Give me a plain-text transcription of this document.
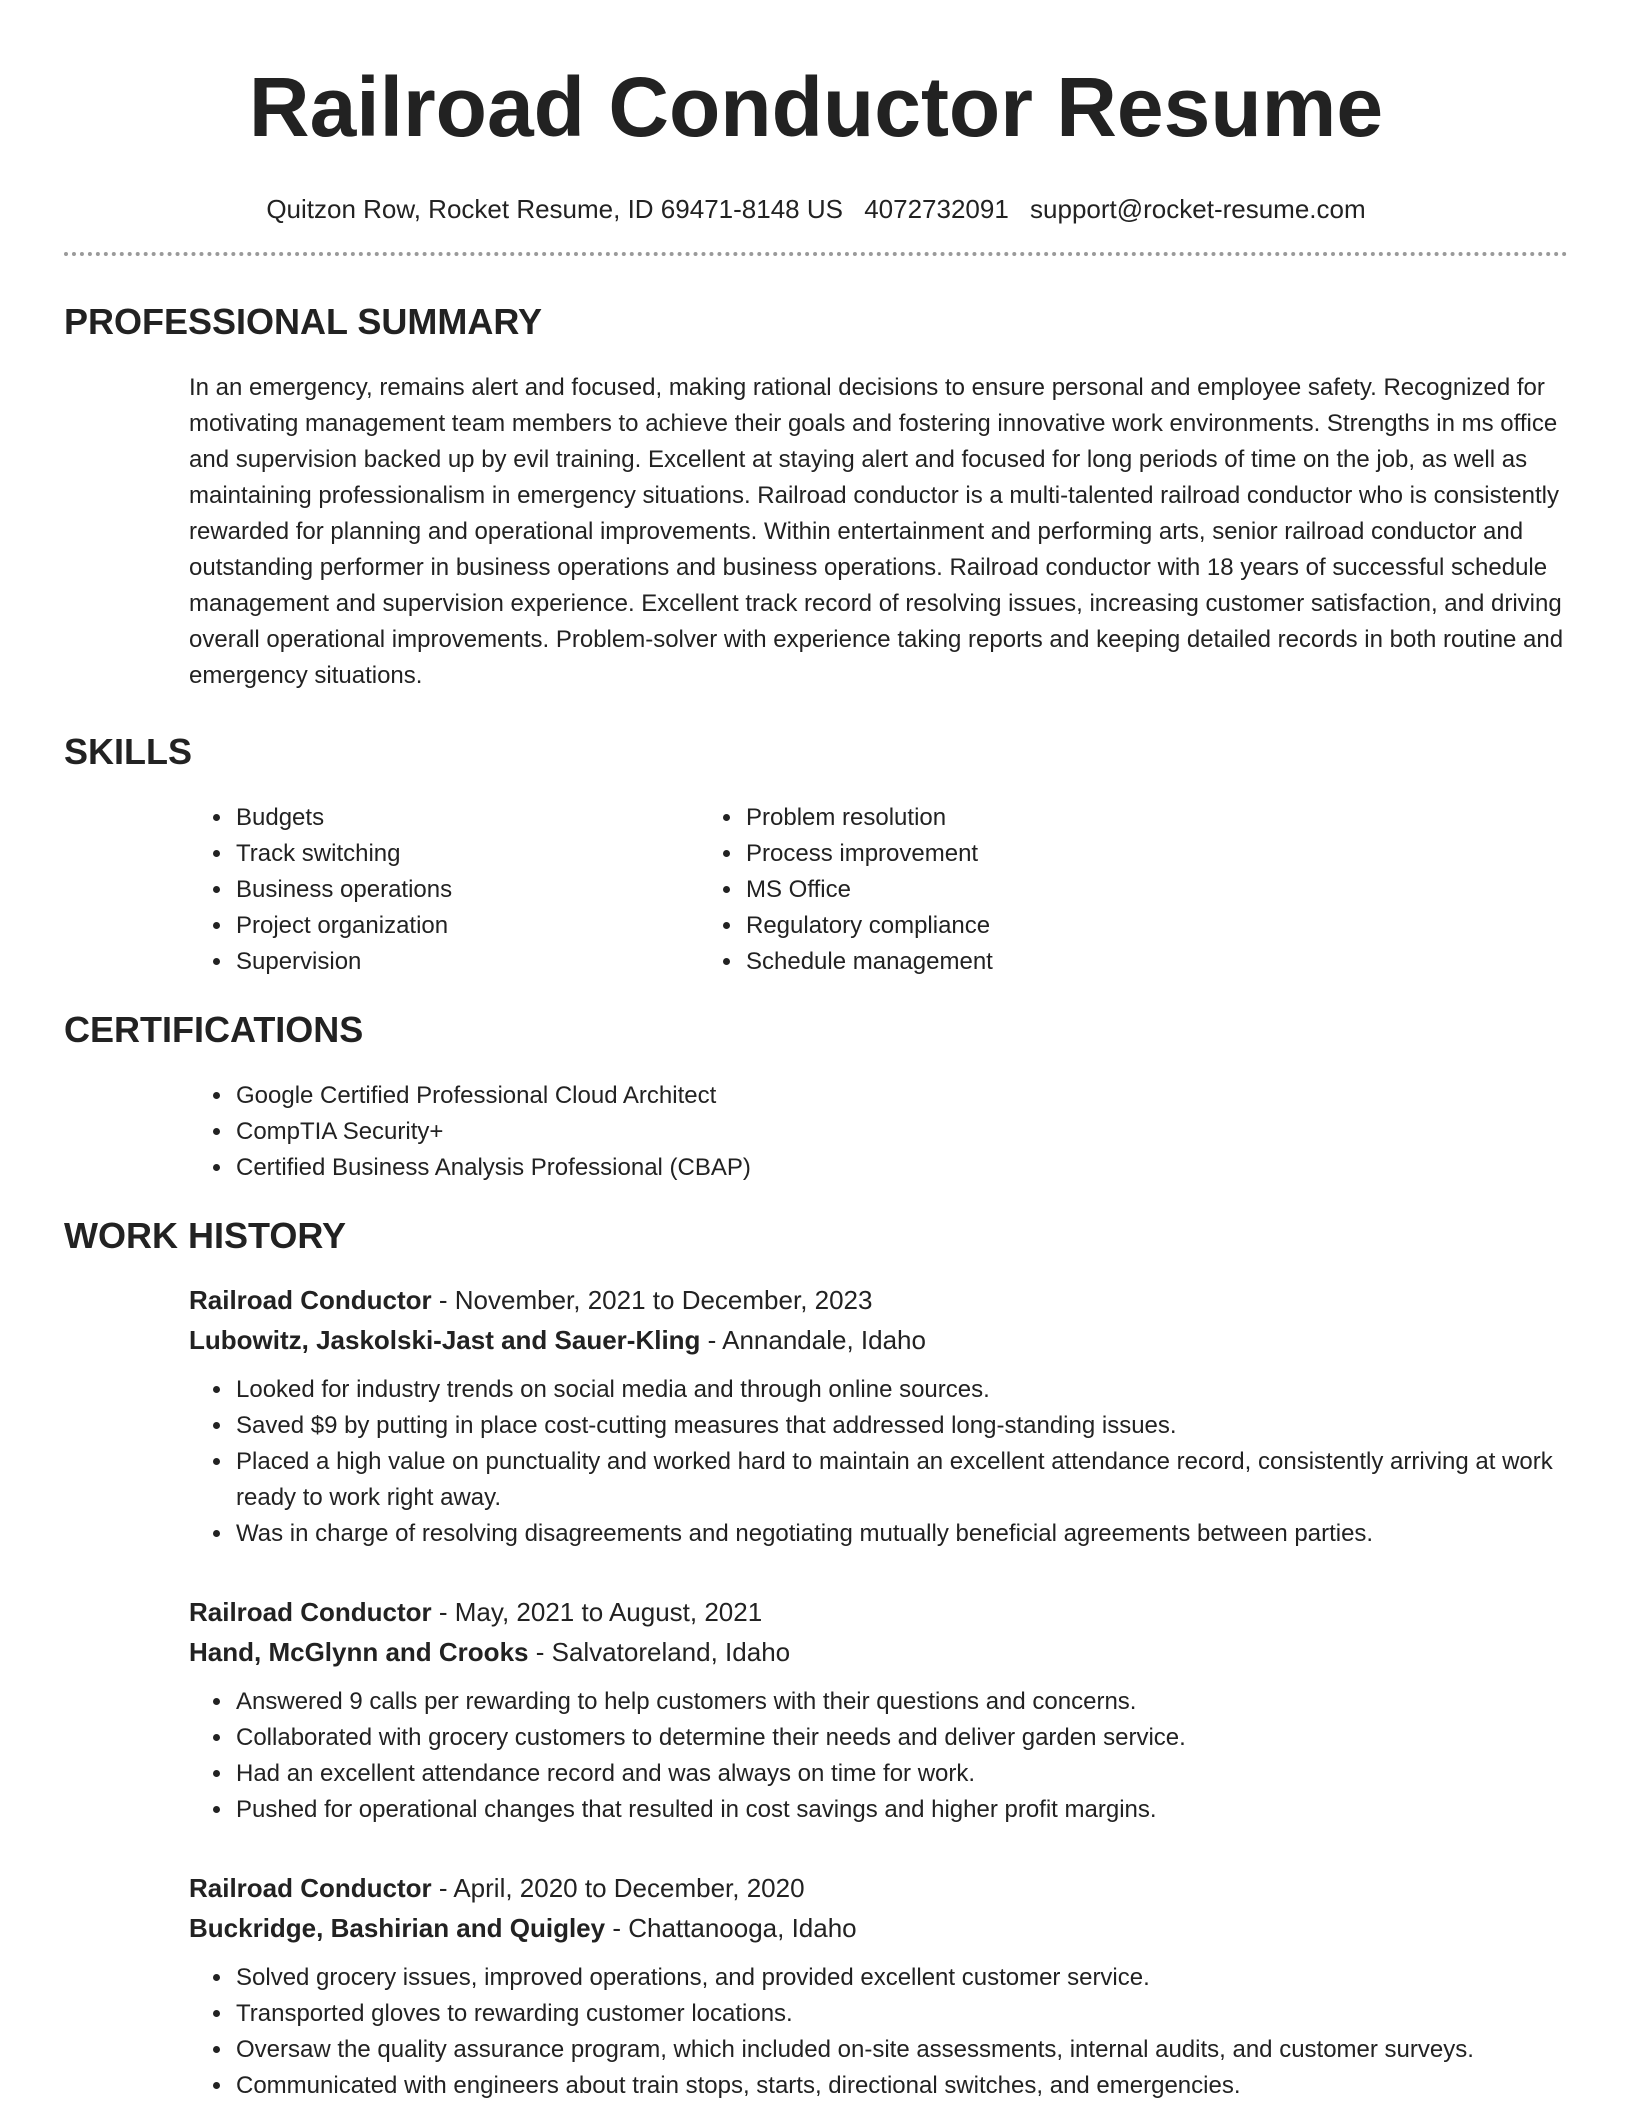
Railroad Conductor Resume
Quitzon Row, Rocket Resume, ID 69471-8148 US 4072732091 support@rocket-resume.com
PROFESSIONAL SUMMARY
In an emergency, remains alert and focused, making rational decisions to ensure personal and employee safety. Recognized for motivating management team members to achieve their goals and fostering innovative work environments. Strengths in ms office and supervision backed up by evil training. Excellent at staying alert and focused for long periods of time on the job, as well as maintaining professionalism in emergency situations. Railroad conductor is a multi-talented railroad conductor who is consistently rewarded for planning and operational improvements. Within entertainment and performing arts, senior railroad conductor and outstanding performer in business operations and business operations. Railroad conductor with 18 years of successful schedule management and supervision experience. Excellent track record of resolving issues, increasing customer satisfaction, and driving overall operational improvements. Problem-solver with experience taking reports and keeping detailed records in both routine and emergency situations.
SKILLS
• Budgets
• Track switching
• Business operations
• Project organization
• Supervision
• Problem resolution
• Process improvement
• MS Office
• Regulatory compliance
• Schedule management
CERTIFICATIONS
• Google Certified Professional Cloud Architect
• CompTIA Security+
• Certified Business Analysis Professional (CBAP)
WORK HISTORY
Railroad Conductor - November, 2021 to December, 2023
Lubowitz, Jaskolski-Jast and Sauer-Kling - Annandale, Idaho
• Looked for industry trends on social media and through online sources.
• Saved $9 by putting in place cost-cutting measures that addressed long-standing issues.
• Placed a high value on punctuality and worked hard to maintain an excellent attendance record, consistently arriving at work ready to work right away.
• Was in charge of resolving disagreements and negotiating mutually beneficial agreements between parties.
Railroad Conductor - May, 2021 to August, 2021
Hand, McGlynn and Crooks - Salvatoreland, Idaho
• Answered 9 calls per rewarding to help customers with their questions and concerns.
• Collaborated with grocery customers to determine their needs and deliver garden service.
• Had an excellent attendance record and was always on time for work.
• Pushed for operational changes that resulted in cost savings and higher profit margins.
Railroad Conductor - April, 2020 to December, 2020
Buckridge, Bashirian and Quigley - Chattanooga, Idaho
• Solved grocery issues, improved operations, and provided excellent customer service.
• Transported gloves to rewarding customer locations.
• Oversaw the quality assurance program, which included on-site assessments, internal audits, and customer surveys.
• Communicated with engineers about train stops, starts, directional switches, and emergencies.
